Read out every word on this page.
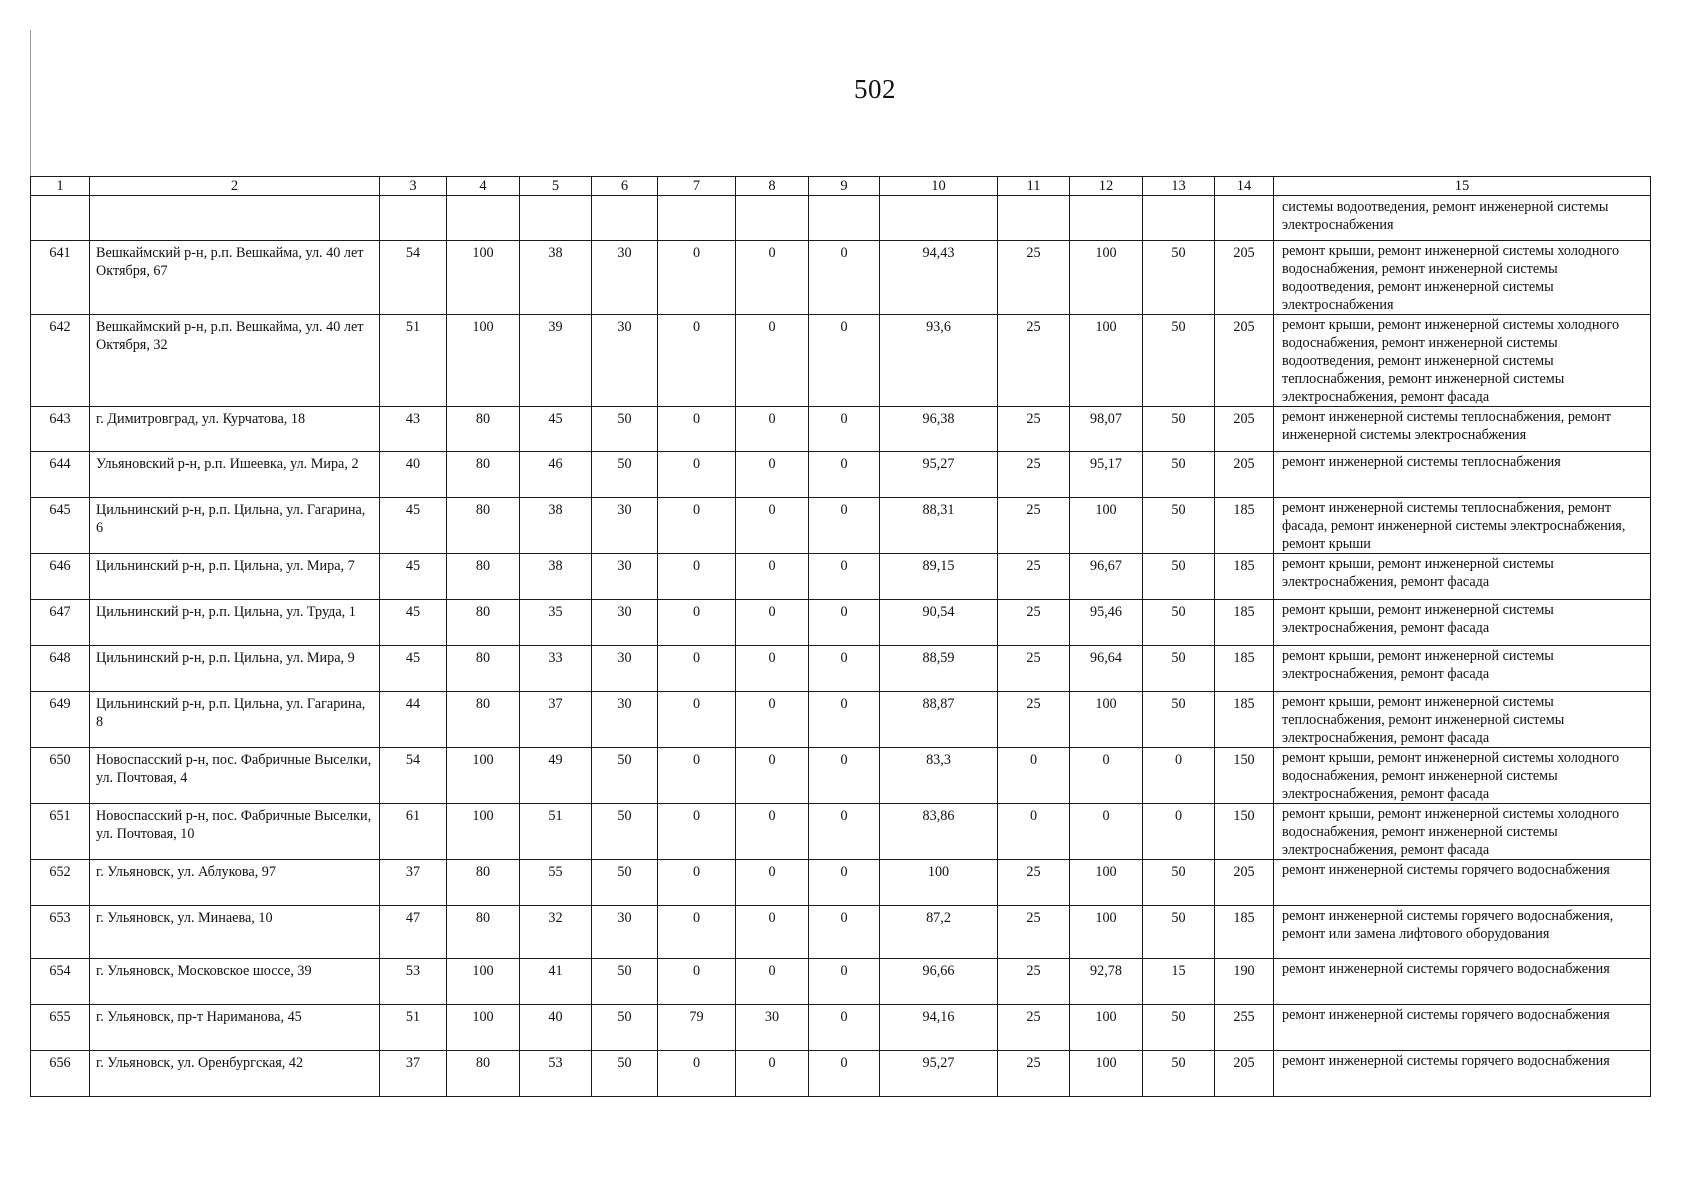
502
1	2	3	4	5	6	7	8	9	10	11	12	13	14	15
														системы водоотведения, ремонт инженерной системы электроснабжения
641	Вешкаймский р-н, р.п. Вешкайма, ул. 40 лет Октября, 67	54	100	38	30	0	0	0	94,43	25	100	50	205	ремонт крыши, ремонт инженерной системы холодного водоснабжения, ремонт инженерной системы водоотведения, ремонт инженерной системы электроснабжения
642	Вешкаймский р-н, р.п. Вешкайма, ул. 40 лет Октября, 32	51	100	39	30	0	0	0	93,6	25	100	50	205	ремонт крыши, ремонт инженерной системы холодного водоснабжения, ремонт инженерной системы водоотведения, ремонт инженерной системы теплоснабжения, ремонт инженерной системы электроснабжения, ремонт фасада
643	г. Димитровград, ул. Курчатова, 18	43	80	45	50	0	0	0	96,38	25	98,07	50	205	ремонт инженерной системы теплоснабжения, ремонт инженерной системы электроснабжения
644	Ульяновский р-н, р.п. Ишеевка, ул. Мира, 2	40	80	46	50	0	0	0	95,27	25	95,17	50	205	ремонт инженерной системы теплоснабжения
645	Цильнинский р-н, р.п. Цильна, ул. Гагарина, 6	45	80	38	30	0	0	0	88,31	25	100	50	185	ремонт инженерной системы теплоснабжения, ремонт фасада, ремонт инженерной системы электроснабжения, ремонт крыши
646	Цильнинский р-н, р.п. Цильна, ул. Мира, 7	45	80	38	30	0	0	0	89,15	25	96,67	50	185	ремонт крыши, ремонт инженерной системы электроснабжения, ремонт фасада
647	Цильнинский р-н, р.п. Цильна, ул. Труда, 1	45	80	35	30	0	0	0	90,54	25	95,46	50	185	ремонт крыши, ремонт инженерной системы электроснабжения, ремонт фасада
648	Цильнинский р-н, р.п. Цильна, ул. Мира, 9	45	80	33	30	0	0	0	88,59	25	96,64	50	185	ремонт крыши, ремонт инженерной системы электроснабжения, ремонт фасада
649	Цильнинский р-н, р.п. Цильна, ул. Гагарина, 8	44	80	37	30	0	0	0	88,87	25	100	50	185	ремонт крыши, ремонт инженерной системы теплоснабжения, ремонт инженерной системы электроснабжения, ремонт фасада
650	Новоспасский р-н, пос. Фабричные Выселки, ул. Почтовая, 4	54	100	49	50	0	0	0	83,3	0	0	0	150	ремонт крыши, ремонт инженерной системы холодного водоснабжения, ремонт инженерной системы электроснабжения, ремонт фасада
651	Новоспасский р-н, пос. Фабричные Выселки, ул. Почтовая, 10	61	100	51	50	0	0	0	83,86	0	0	0	150	ремонт крыши, ремонт инженерной системы холодного водоснабжения, ремонт инженерной системы электроснабжения, ремонт фасада
652	г. Ульяновск, ул. Аблукова, 97	37	80	55	50	0	0	0	100	25	100	50	205	ремонт инженерной системы горячего водоснабжения
653	г. Ульяновск, ул. Минаева, 10	47	80	32	30	0	0	0	87,2	25	100	50	185	ремонт инженерной системы горячего водоснабжения, ремонт или замена лифтового оборудования
654	г. Ульяновск, Московское шоссе, 39	53	100	41	50	0	0	0	96,66	25	92,78	15	190	ремонт инженерной системы горячего водоснабжения
655	г. Ульяновск, пр-т Нариманова, 45	51	100	40	50	79	30	0	94,16	25	100	50	255	ремонт инженерной системы горячего водоснабжения
656	г. Ульяновск, ул. Оренбургская, 42	37	80	53	50	0	0	0	95,27	25	100	50	205	ремонт инженерной системы горячего водоснабжения
